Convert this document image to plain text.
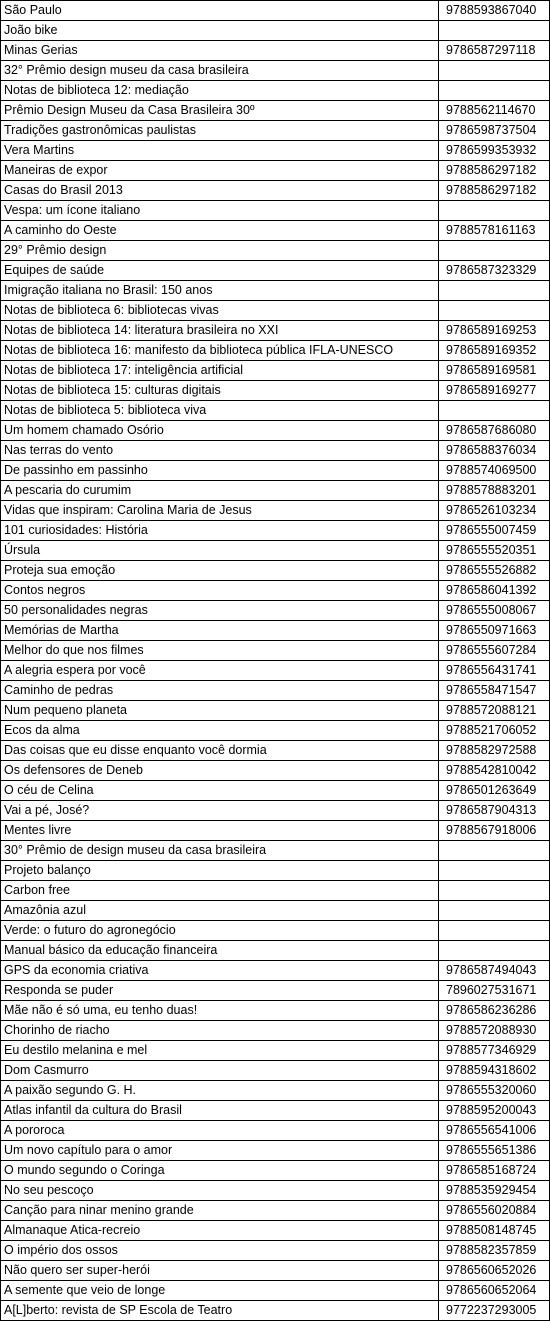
São Paulo	9788593867040
João bike	
Minas Gerias	9786587297118
32° Prêmio design museu da casa brasileira	
Notas de biblioteca 12: mediação	
Prêmio Design Museu da Casa Brasileira 30º	9788562114670
Tradições gastronômicas paulistas	9786598737504
Vera Martins	9786599353932
Maneiras de expor	9788586297182
Casas do Brasil 2013	9788586297182
Vespa: um ícone italiano	
A caminho do Oeste	9788578161163
29° Prêmio design	
Equipes de saúde	9786587323329
Imigração italiana no Brasil: 150 anos	
Notas de biblioteca 6: bibliotecas vivas	
Notas de biblioteca 14: literatura brasileira no XXI	9786589169253
Notas de biblioteca 16: manifesto da biblioteca pública IFLA-UNESCO	9786589169352
Notas de biblioteca 17: inteligência artificial	9786589169581
Notas de biblioteca 15: culturas digitais	9786589169277
Notas de biblioteca 5: biblioteca viva	
Um homem chamado Osório	9786587686080
Nas terras do vento	9786588376034
De passinho em passinho	9788574069500
A pescaria do curumim	9788578883201
Vidas que inspiram: Carolina Maria de Jesus	9786526103234
101 curiosidades: História	9786555007459
Úrsula	9786555520351
Proteja sua emoção	9786555526882
Contos negros	9786586041392
50 personalidades negras	9786555008067
Memórias de Martha	9786550971663
Melhor do que nos filmes	9786555607284
A alegria espera por você	9786556431741
Caminho de pedras	9786558471547
Num pequeno planeta	9788572088121
Ecos da alma	9788521706052
Das coisas que eu disse enquanto você dormia	9788582972588
Os defensores de Deneb	9788542810042
O céu de Celina	9786501263649
Vai a pé, José?	9786587904313
Mentes livre	9788567918006
30° Prêmio de design museu da casa brasileira	
Projeto balanço	
Carbon free	
Amazônia azul	
Verde: o futuro do agronegócio	
Manual básico da educação financeira	
GPS da economia criativa	9786587494043
Responda se puder	7896027531671
Mãe não é só uma, eu tenho duas!	9786586236286
Chorinho de riacho	9788572088930
Eu destilo melanina e mel	9788577346929
Dom Casmurro	9788594318602
A paixão segundo G. H.	9786555320060
Atlas infantil da cultura do Brasil	9788595200043
A pororoca	9786556541006
Um novo capítulo para o amor	9786555651386
O mundo segundo o Coringa	9786585168724
No seu pescoço	9788535929454
Canção para ninar menino grande	9786556020884
Almanaque Atica-recreio	9788508148745
O império dos ossos	9788582357859
Não quero ser super-herói	9786560652026
A semente que veio de longe	9786560652064
A[L]berto: revista de SP Escola de Teatro	9772237293005
